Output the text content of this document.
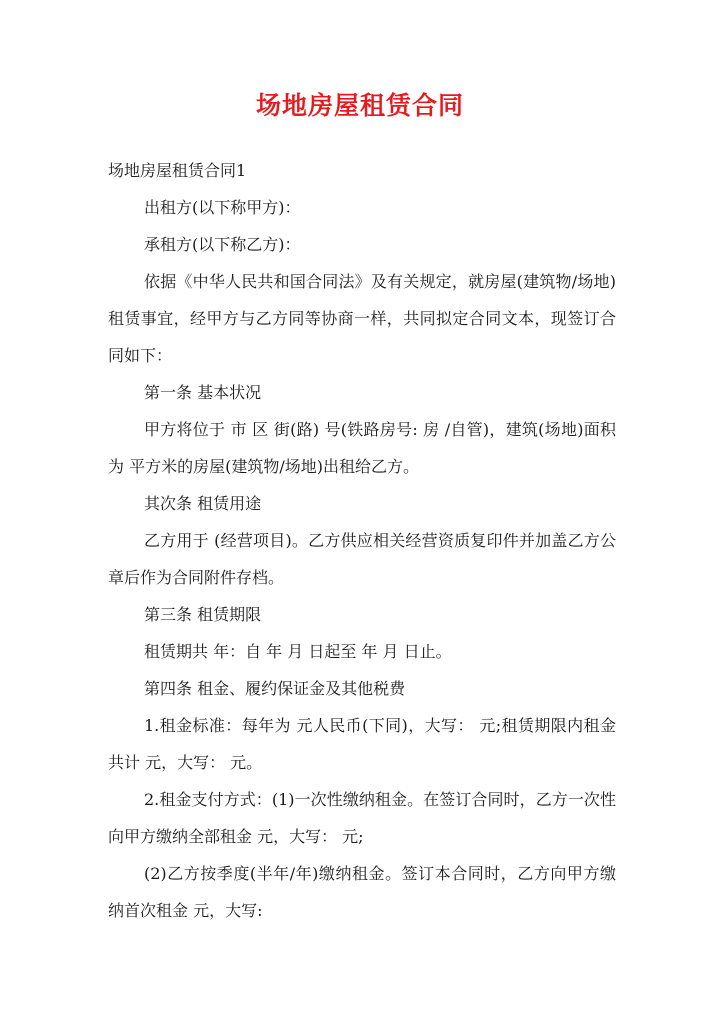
场地房屋租赁合同

场地房屋租赁合同1

出租方(以下称甲方)：

承租方(以下称乙方)：

依据《中华人民共和国合同法》及有关规定，就房屋(建筑物/场地)租赁事宜，经甲方与乙方同等协商一样，共同拟定合同文本，现签订合同如下：

第一条 基本状况

甲方将位于 市 区 街(路) 号(铁路房号: 房 /自管)，建筑(场地)面积为 平方米的房屋(建筑物/场地)出租给乙方。

其次条 租赁用途

乙方用于 (经营项目)。乙方供应相关经营资质复印件并加盖乙方公章后作为合同附件存档。

第三条 租赁期限

租赁期共 年：自 年 月 日起至 年 月 日止。

第四条 租金、履约保证金及其他税费

1.租金标准：每年为 元人民币(下同)，大写： 元;租赁期限内租金共计 元，大写： 元。

2.租金支付方式：(1)一次性缴纳租金。在签订合同时，乙方一次性向甲方缴纳全部租金 元，大写： 元;

(2)乙方按季度(半年/年)缴纳租金。签订本合同时，乙方向甲方缴纳首次租金 元，大写:
